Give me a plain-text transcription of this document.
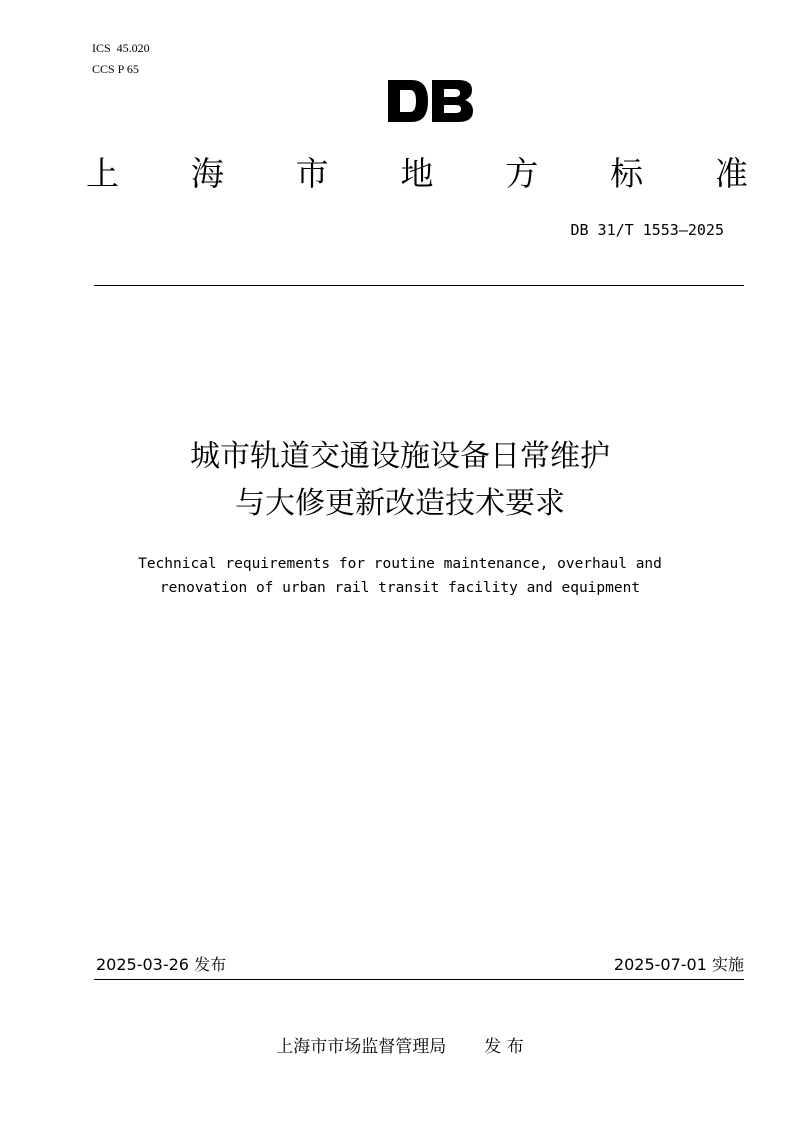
ICS  45.020
CCS P 65
上 海 市 地 方 标 准
DB 31/T 1553—2025
城市轨道交通设施设备日常维护
与大修更新改造技术要求
Technical requirements for routine maintenance, overhaul and
renovation of urban rail transit facility and equipment
2025-03-26 发布	2025-07-01 实施
上海市市场监督管理局 发 布
